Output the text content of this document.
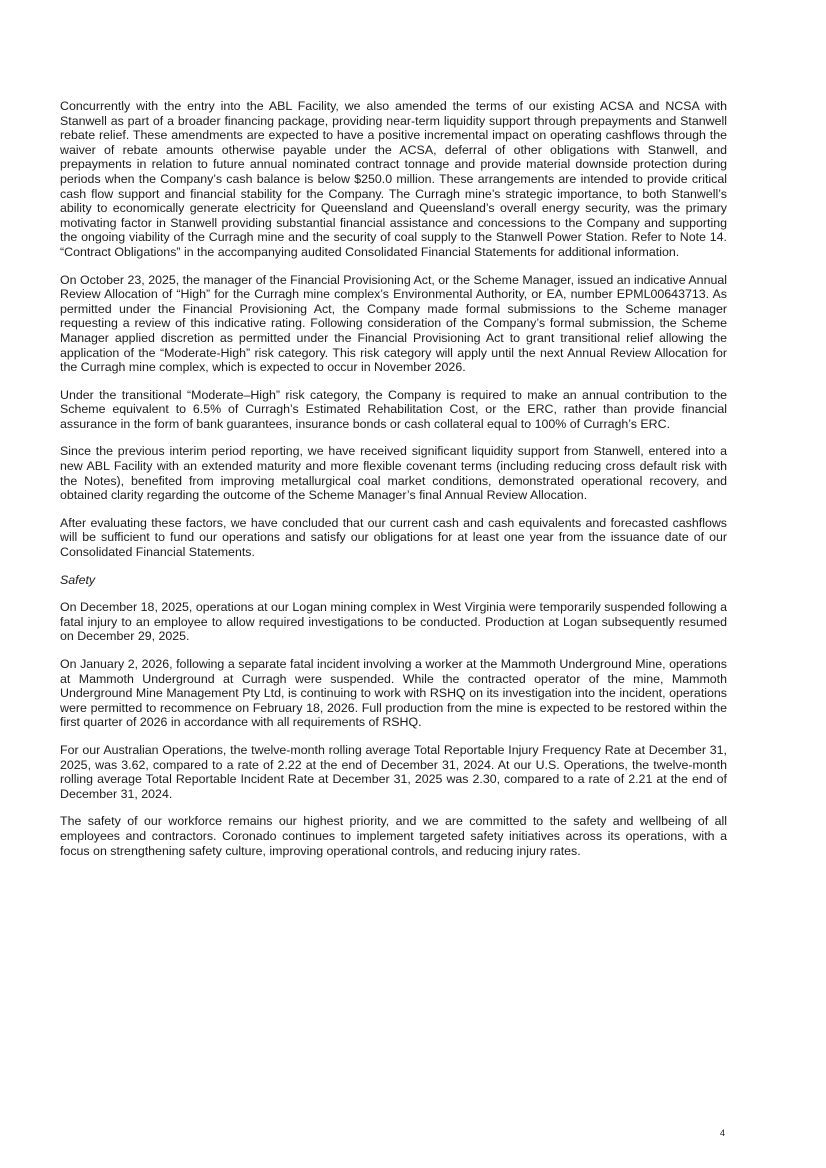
Concurrently with the entry into the ABL Facility, we also amended the terms of our existing ACSA and NCSA with Stanwell as part of a broader financing package, providing near-term liquidity support through prepayments and Stanwell rebate relief. These amendments are expected to have a positive incremental impact on operating cashflows through the waiver of rebate amounts otherwise payable under the ACSA, deferral of other obligations with Stanwell, and prepayments in relation to future annual nominated contract tonnage and provide material downside protection during periods when the Company’s cash balance is below $250.0 million. These arrangements are intended to provide critical cash flow support and financial stability for the Company. The Curragh mine’s strategic importance, to both Stanwell’s ability to economically generate electricity for Queensland and Queensland’s overall energy security, was the primary motivating factor in Stanwell providing substantial financial assistance and concessions to the Company and supporting the ongoing viability of the Curragh mine and the security of coal supply to the Stanwell Power Station. Refer to Note 14. “Contract Obligations” in the accompanying audited Consolidated Financial Statements for additional information.

On October 23, 2025, the manager of the Financial Provisioning Act, or the Scheme Manager, issued an indicative Annual Review Allocation of “High” for the Curragh mine complex’s Environmental Authority, or EA, number EPML00643713. As permitted under the Financial Provisioning Act, the Company made formal submissions to the Scheme manager requesting a review of this indicative rating. Following consideration of the Company’s formal submission, the Scheme Manager applied discretion as permitted under the Financial Provisioning Act to grant transitional relief allowing the application of the “Moderate-High” risk category. This risk category will apply until the next Annual Review Allocation for the Curragh mine complex, which is expected to occur in November 2026.

Under the transitional “Moderate–High” risk category, the Company is required to make an annual contribution to the Scheme equivalent to 6.5% of Curragh’s Estimated Rehabilitation Cost, or the ERC, rather than provide financial assurance in the form of bank guarantees, insurance bonds or cash collateral equal to 100% of Curragh’s ERC.

Since the previous interim period reporting, we have received significant liquidity support from Stanwell, entered into a new ABL Facility with an extended maturity and more flexible covenant terms (including reducing cross default risk with the Notes), benefited from improving metallurgical coal market conditions, demonstrated operational recovery, and obtained clarity regarding the outcome of the Scheme Manager’s final Annual Review Allocation.

After evaluating these factors, we have concluded that our current cash and cash equivalents and forecasted cashflows will be sufficient to fund our operations and satisfy our obligations for at least one year from the issuance date of our Consolidated Financial Statements.

Safety

On December 18, 2025, operations at our Logan mining complex in West Virginia were temporarily suspended following a fatal injury to an employee to allow required investigations to be conducted. Production at Logan subsequently resumed on December 29, 2025.

On January 2, 2026, following a separate fatal incident involving a worker at the Mammoth Underground Mine, operations at Mammoth Underground at Curragh were suspended. While the contracted operator of the mine, Mammoth Underground Mine Management Pty Ltd, is continuing to work with RSHQ on its investigation into the incident, operations were permitted to recommence on February 18, 2026. Full production from the mine is expected to be restored within the first quarter of 2026 in accordance with all requirements of RSHQ.

For our Australian Operations, the twelve-month rolling average Total Reportable Injury Frequency Rate at December 31, 2025, was 3.62, compared to a rate of 2.22 at the end of December 31, 2024. At our U.S. Operations, the twelve-month rolling average Total Reportable Incident Rate at December 31, 2025 was 2.30, compared to a rate of 2.21 at the end of December 31, 2024.

The safety of our workforce remains our highest priority, and we are committed to the safety and wellbeing of all employees and contractors. Coronado continues to implement targeted safety initiatives across its operations, with a focus on strengthening safety culture, improving operational controls, and reducing injury rates.

4
